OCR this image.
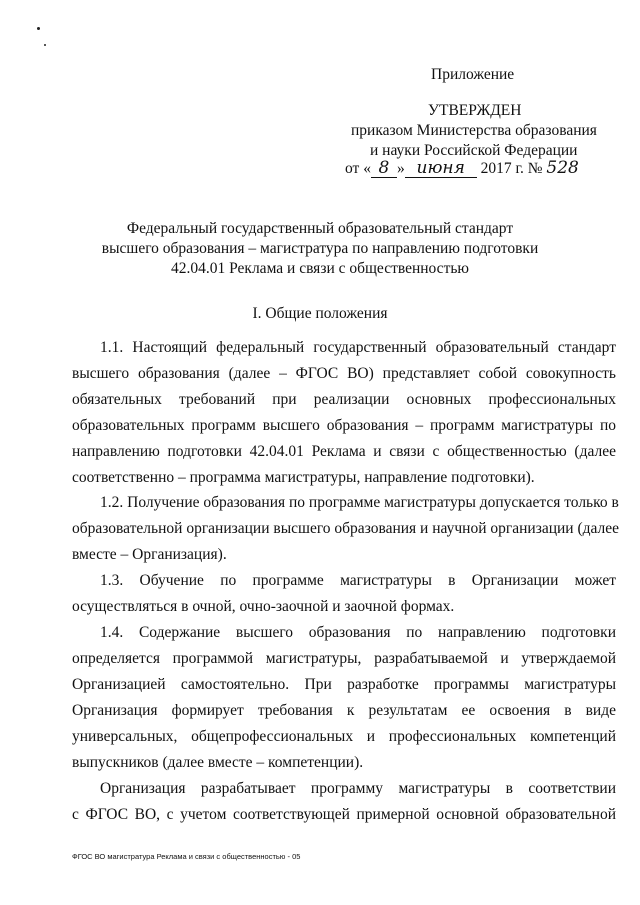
Приложение
УТВЕРЖДЕН
приказом Министерства образования
и науки Российской Федерации
от « 8 » июня 2017 г. № 528
Федеральный государственный образовательный стандарт
высшего образования – магистратура по направлению подготовки
42.04.01 Реклама и связи с общественностью
I. Общие положения
1.1. Настоящий федеральный государственный образовательный стандарт
высшего образования (далее – ФГОС ВО) представляет собой совокупность
обязательных требований при реализации основных профессиональных
образовательных программ высшего образования – программ магистратуры по
направлению подготовки 42.04.01 Реклама и связи с общественностью (далее
соответственно – программа магистратуры, направление подготовки).
1.2. Получение образования по программе магистратуры допускается только в
образовательной организации высшего образования и научной организации (далее
вместе – Организация).
1.3. Обучение по программе магистратуры в Организации может
осуществляться в очной, очно-заочной и заочной формах.
1.4. Содержание высшего образования по направлению подготовки
определяется программой магистратуры, разрабатываемой и утверждаемой
Организацией самостоятельно. При разработке программы магистратуры
Организация формирует требования к результатам ее освоения в виде
универсальных, общепрофессиональных и профессиональных компетенций
выпускников (далее вместе – компетенции).
Организация разрабатывает программу магистратуры в соответствии
с ФГОС ВО, с учетом соответствующей примерной основной образовательной
ФГОС ВО магистратура Реклама и связи с общественностью - 05
